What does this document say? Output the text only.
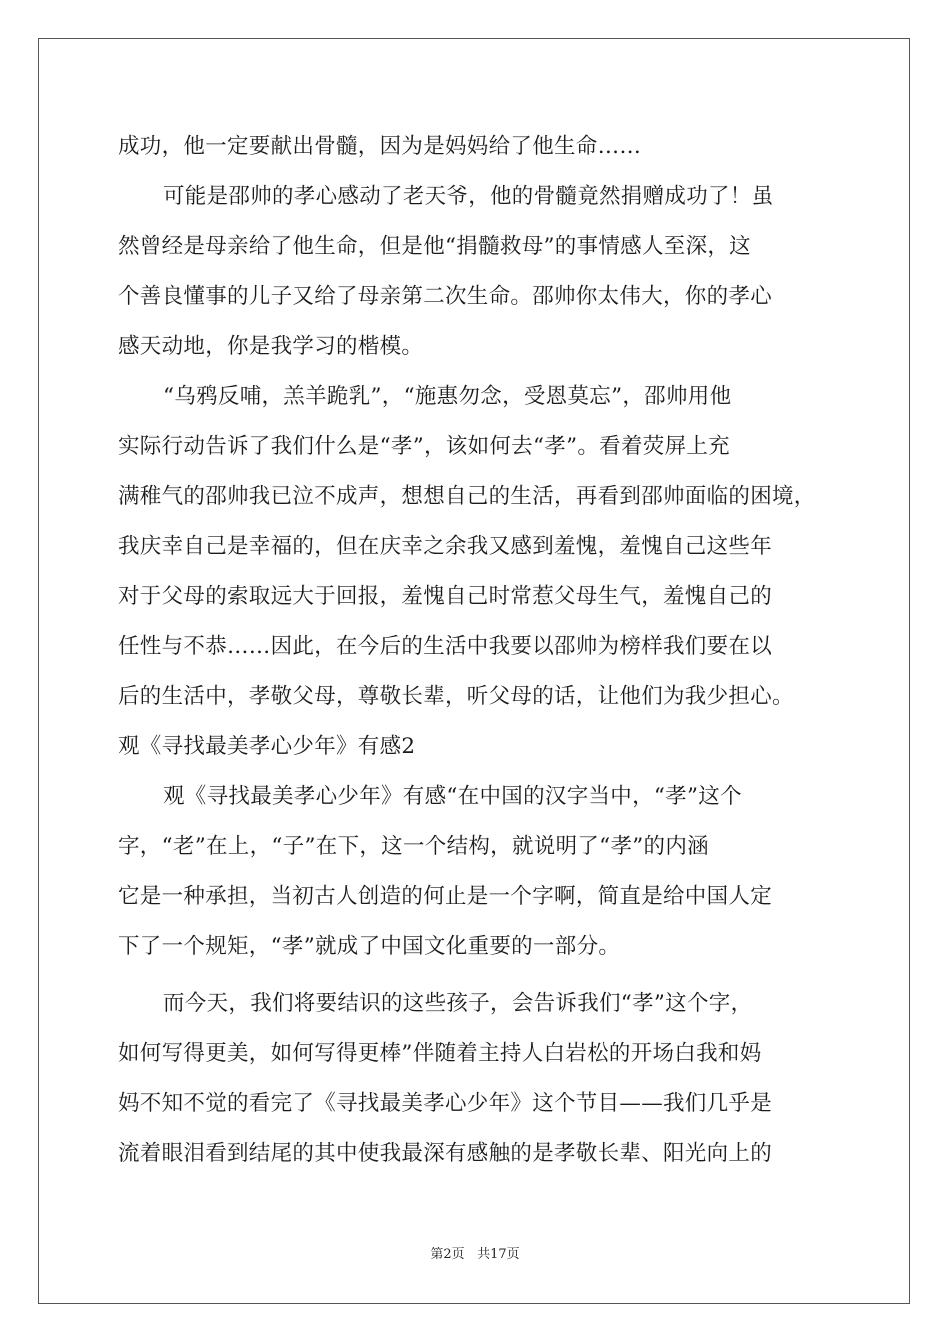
成功，他一定要献出骨髓，因为是妈妈给了他生命……
可能是邵帅的孝心感动了老天爷，他的骨髓竟然捐赠成功了！虽
然曾经是母亲给了他生命，但是他“捐髓救母”的事情感人至深，这
个善良懂事的儿子又给了母亲第二次生命。邵帅你太伟大，你的孝心
感天动地，你是我学习的楷模。
“乌鸦反哺，羔羊跪乳”，“施惠勿念，受恩莫忘”，邵帅用他
实际行动告诉了我们什么是“孝”，该如何去“孝”。看着荧屏上充
满稚气的邵帅我已泣不成声，想想自己的生活，再看到邵帅面临的困境，
我庆幸自己是幸福的，但在庆幸之余我又感到羞愧，羞愧自己这些年
对于父母的索取远大于回报，羞愧自己时常惹父母生气，羞愧自己的
任性与不恭……因此，在今后的生活中我要以邵帅为榜样我们要在以
后的生活中，孝敬父母，尊敬长辈，听父母的话，让他们为我少担心。
观《寻找最美孝心少年》有感2
观《寻找最美孝心少年》有感“在中国的汉字当中，“孝”这个
字，“老”在上，“子”在下，这一个结构，就说明了“孝”的内涵
它是一种承担，当初古人创造的何止是一个字啊，简直是给中国人定
下了一个规矩，“孝”就成了中国文化重要的一部分。
而今天，我们将要结识的这些孩子，会告诉我们“孝”这个字，
如何写得更美，如何写得更棒”伴随着主持人白岩松的开场白我和妈
妈不知不觉的看完了《寻找最美孝心少年》这个节目——我们几乎是
流着眼泪看到结尾的其中使我最深有感触的是孝敬长辈、阳光向上的
第2页 共17页
